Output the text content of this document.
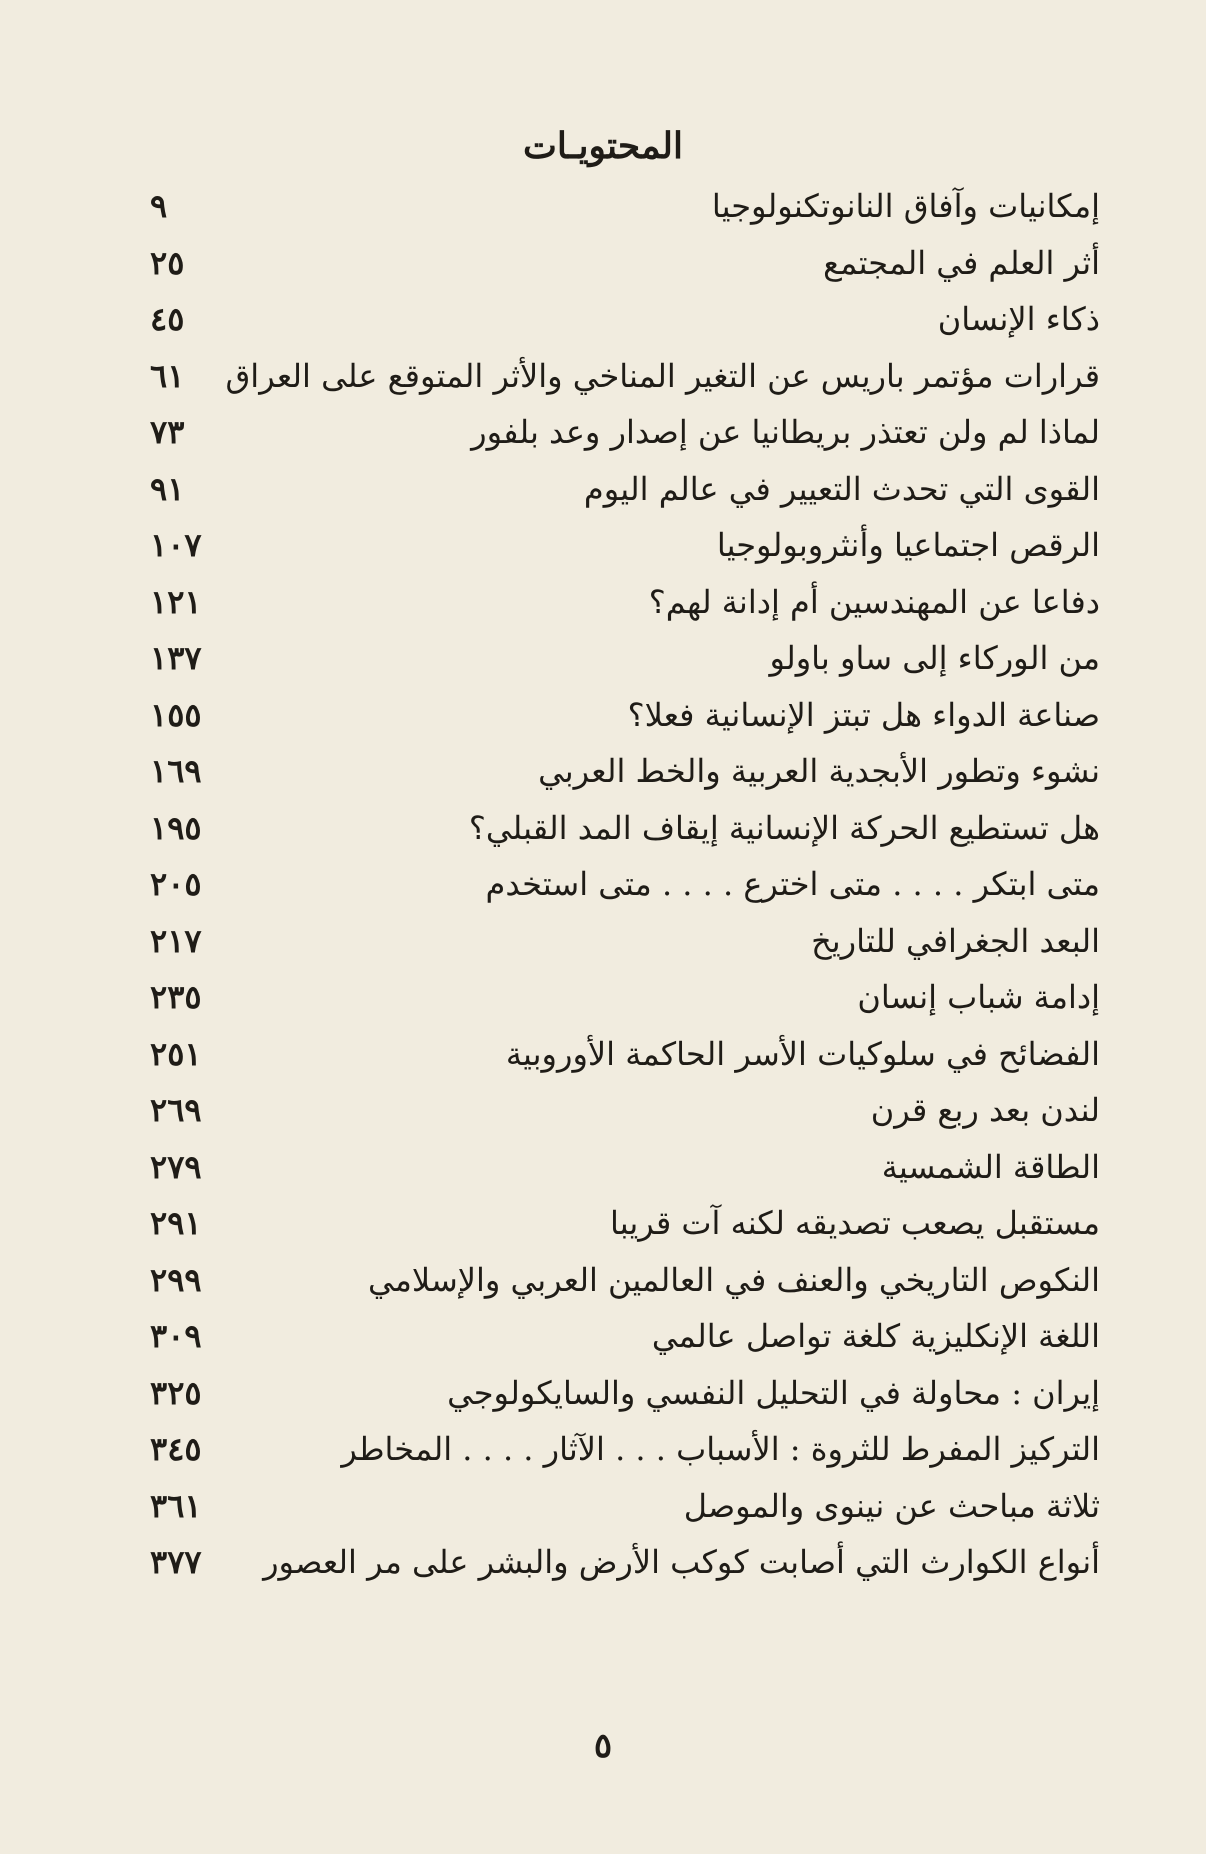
المحتويـات
إمكانيات وآفاق النانوتكنولوجيا
٩
أثر العلم في المجتمع
٢٥
ذكاء الإنسان
٤٥
قرارات مؤتمر باريس عن التغير المناخي والأثر المتوقع على العراق
٦١
لماذا لم ولن تعتذر بريطانيا عن إصدار وعد بلفور
٧٣
القوى التي تحدث التعيير في عالم اليوم
٩١
الرقص اجتماعيا وأنثروبولوجيا
١٠٧
دفاعا عن المهندسين أم إدانة لهم؟
١٢١
من الوركاء إلى ساو باولو
١٣٧
صناعة الدواء هل تبتز الإنسانية فعلا؟
١٥٥
نشوء وتطور الأبجدية العربية والخط العربي
١٦٩
هل تستطيع الحركة الإنسانية إيقاف المد القبلي؟
١٩٥
متى ابتكر . . . . متى اخترع . . . . متى استخدم
٢٠٥
البعد الجغرافي للتاريخ
٢١٧
إدامة شباب إنسان
٢٣٥
الفضائح في سلوكيات الأسر الحاكمة الأوروبية
٢٥١
لندن بعد ربع قرن
٢٦٩
الطاقة الشمسية
٢٧٩
مستقبل يصعب تصديقه لكنه آت قريبا
٢٩١
النكوص التاريخي والعنف في العالمين العربي والإسلامي
٢٩٩
اللغة الإنكليزية كلغة تواصل عالمي
٣٠٩
إيران : محاولة في التحليل النفسي والسايكولوجي
٣٢٥
التركيز المفرط للثروة : الأسباب . . . الآثار . . . . المخاطر
٣٤٥
ثلاثة مباحث عن نينوى والموصل
٣٦١
أنواع الكوارث التي أصابت كوكب الأرض والبشر على مر العصور
٣٧٧
٥
